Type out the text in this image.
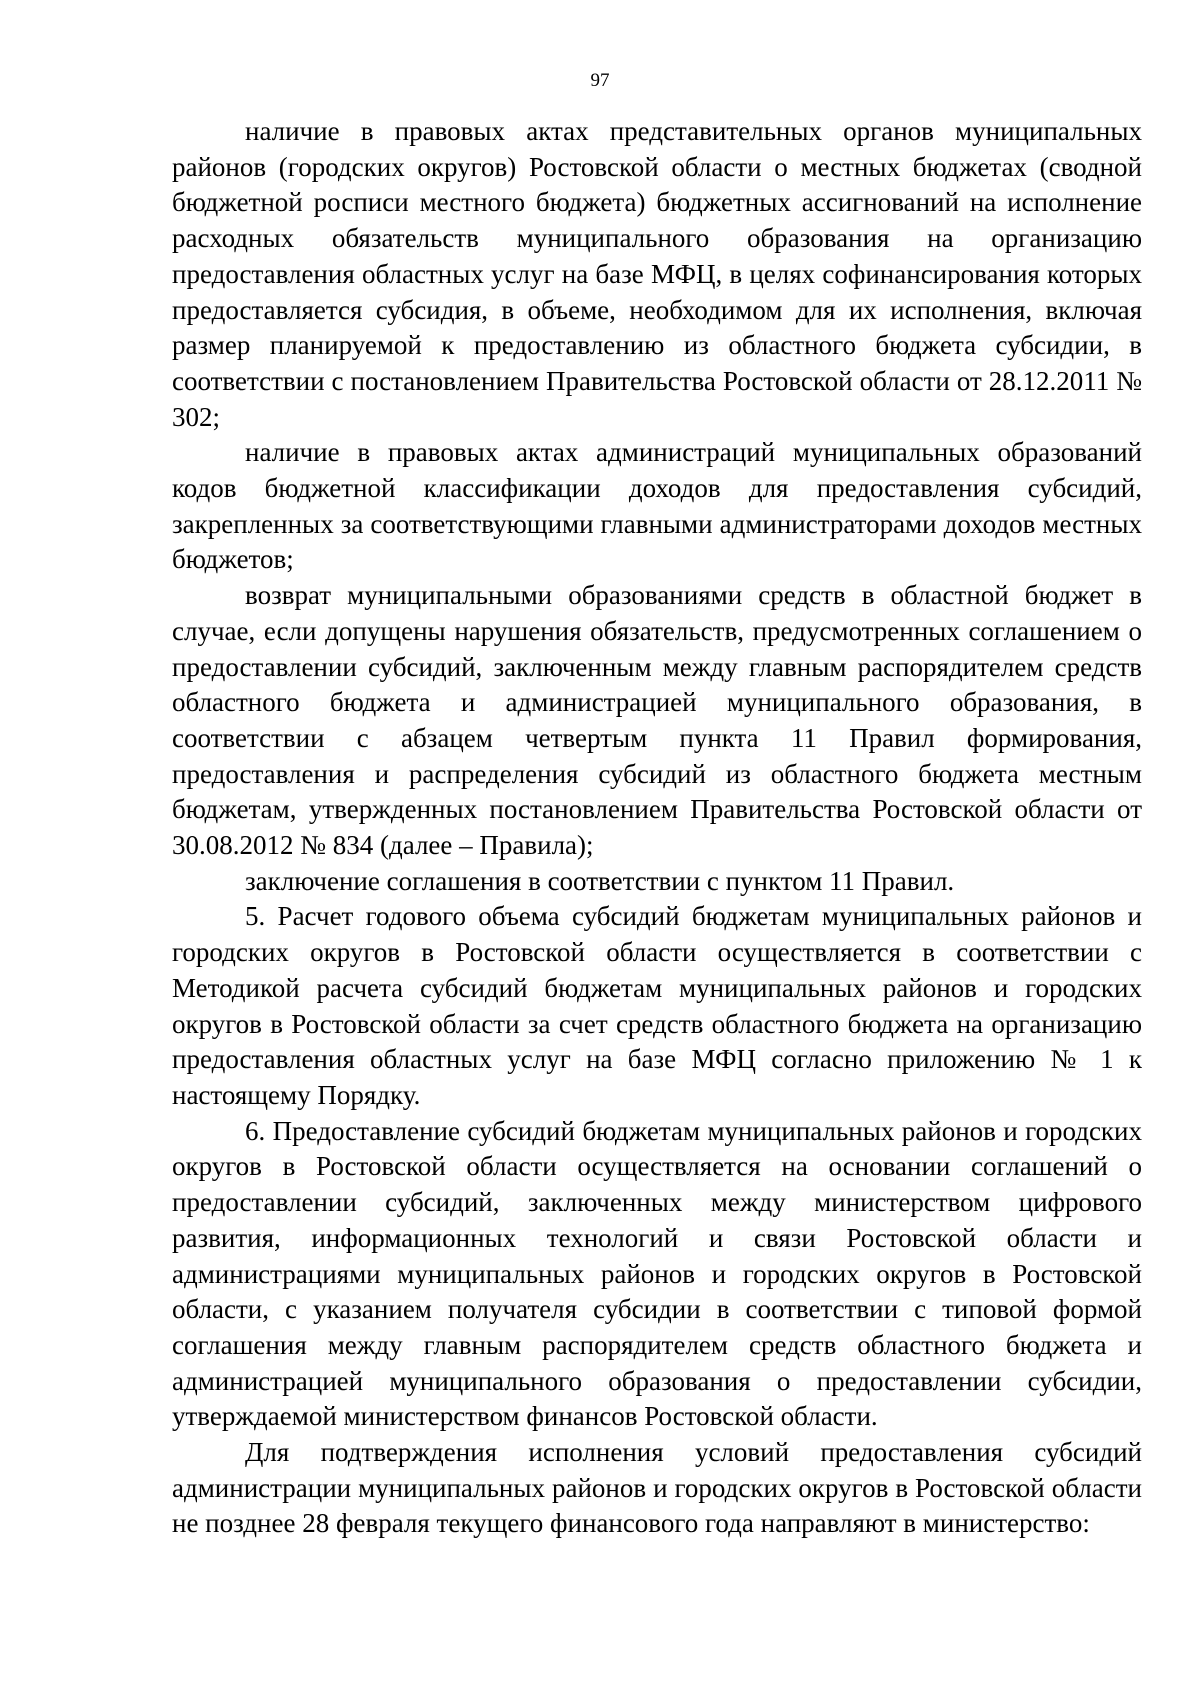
97

наличие в правовых актах представительных органов муниципальных районов (городских округов) Ростовской области о местных бюджетах (сводной бюджетной росписи местного бюджета) бюджетных ассигнований на исполнение расходных обязательств муниципального образования на организацию предоставления областных услуг на базе МФЦ, в целях софинансирования которых предоставляется субсидия, в объеме, необходимом для их исполнения, включая размер планируемой к предоставлению из областного бюджета субсидии, в соответствии с постановлением Правительства Ростовской области от 28.12.2011 № 302;

наличие в правовых актах администраций муниципальных образований кодов бюджетной классификации доходов для предоставления субсидий, закрепленных за соответствующими главными администраторами доходов местных бюджетов;

возврат муниципальными образованиями средств в областной бюджет в случае, если допущены нарушения обязательств, предусмотренных соглашением о предоставлении субсидий, заключенным между главным распорядителем средств областного бюджета и администрацией муниципального образования, в соответствии с абзацем четвертым пункта 11 Правил формирования, предоставления и распределения субсидий из областного бюджета местным бюджетам, утвержденных постановлением Правительства Ростовской области от 30.08.2012 № 834 (далее – Правила);

заключение соглашения в соответствии с пунктом 11 Правил.

5. Расчет годового объема субсидий бюджетам муниципальных районов и городских округов в Ростовской области осуществляется в соответствии с Методикой расчета субсидий бюджетам муниципальных районов и городских округов в Ростовской области за счет средств областного бюджета на организацию предоставления областных услуг на базе МФЦ согласно приложению № 1 к настоящему Порядку.

6. Предоставление субсидий бюджетам муниципальных районов и городских округов в Ростовской области осуществляется на основании соглашений о предоставлении субсидий, заключенных между министерством цифрового развития, информационных технологий и связи Ростовской области и администрациями муниципальных районов и городских округов в Ростовской области, с указанием получателя субсидии в соответствии с типовой формой соглашения между главным распорядителем средств областного бюджета и администрацией муниципального образования о предоставлении субсидии, утверждаемой министерством финансов Ростовской области.

Для подтверждения исполнения условий предоставления субсидий администрации муниципальных районов и городских округов в Ростовской области не позднее 28 февраля текущего финансового года направляют в министерство:
